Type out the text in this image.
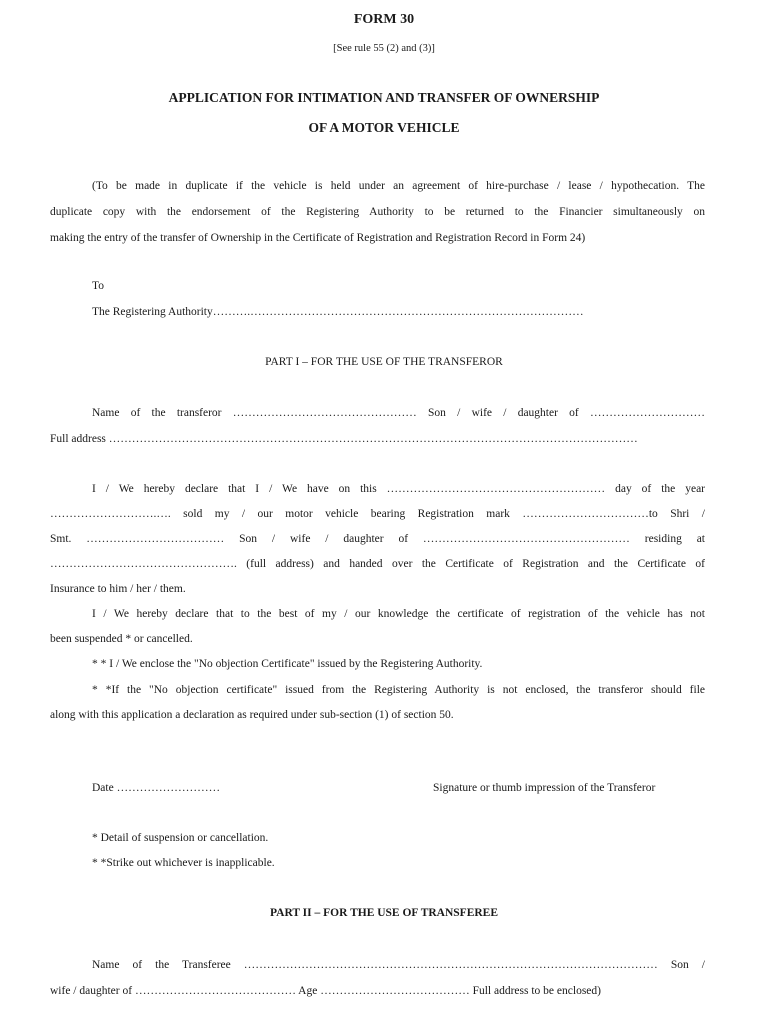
FORM 30
[See rule 55 (2) and (3)]
APPLICATION FOR INTIMATION AND TRANSFER OF OWNERSHIP
OF A MOTOR VEHICLE
(To be made in duplicate if the vehicle is held under an agreement of hire-purchase / lease / hypothecation. The
duplicate copy with the endorsement of the Registering Authority to be returned to the Financier simultaneously on
making the entry of the transfer of Ownership in the Certificate of Registration and Registration Record in Form 24)
To
The Registering Authority……….……………………………………………………………………………
PART I – FOR THE USE OF THE TRANSFEROR
Name of the transferor ………………………………………… Son / wife / daughter of …………………………
Full address …………………………………………………………………………………………………………………………
I / We hereby declare that I / We have on this ………………………………………………… day of the year
……………………….…. sold my / our motor vehicle bearing Registration mark ……………………………to Shri /
Smt. ……………………………… Son / wife / daughter of ……………………………………………… residing at
…………………………………………. (full address) and handed over the Certificate of Registration and the Certificate of
Insurance to him / her / them.
I / We hereby declare that to the best of my / our knowledge the certificate of registration of the vehicle has not
been suspended * or cancelled.
* * I / We enclose the "No objection Certificate" issued by the Registering Authority.
* *If the "No objection certificate" issued from the Registering Authority is not enclosed, the transferor should file
along with this application a declaration as required under sub-section (1) of section 50.
Date ………………………	Signature or thumb impression of the Transferor
* Detail of suspension or cancellation.
* *Strike out whichever is inapplicable.
PART II – FOR THE USE OF TRANSFEREE
Name of the Transferee ……………………………………………………………………………………………… Son /
wife / daughter of …………………………………… Age ………………………………… Full address to be enclosed)
